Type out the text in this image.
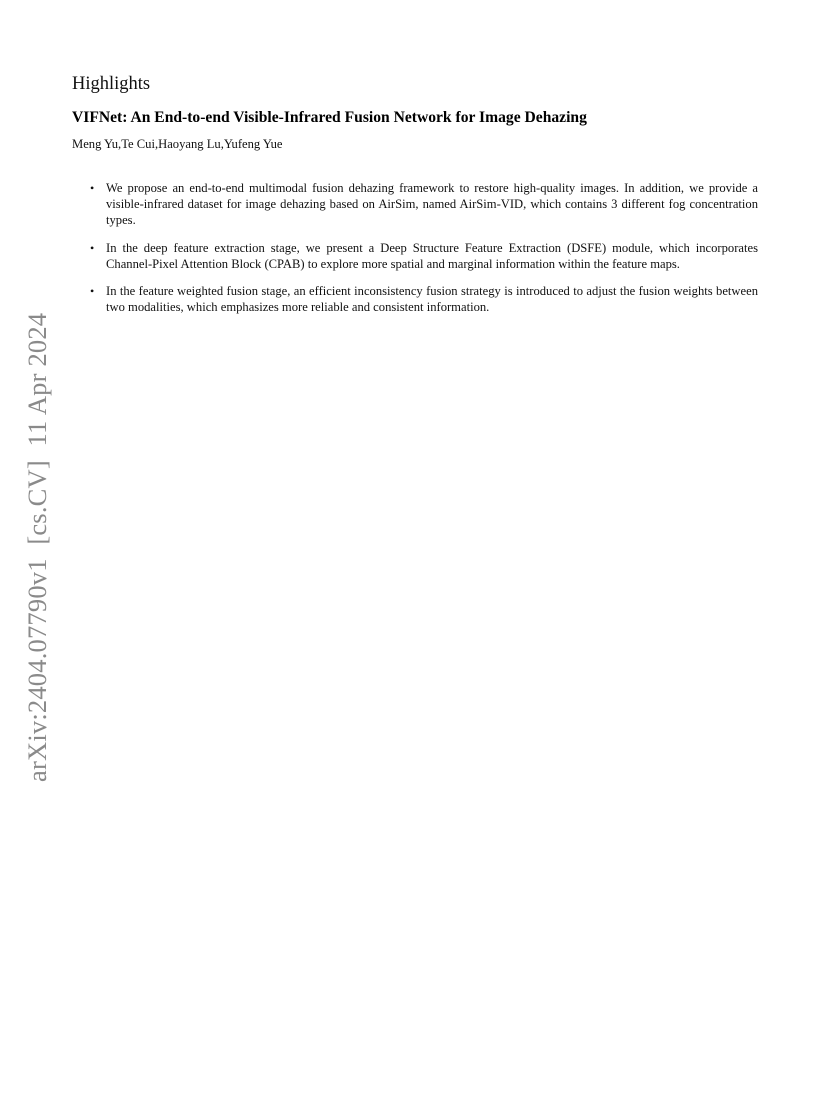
Highlights
VIFNet: An End-to-end Visible-Infrared Fusion Network for Image Dehazing
Meng Yu,Te Cui,Haoyang Lu,Yufeng Yue
• We propose an end-to-end multimodal fusion dehazing framework to restore high-quality images. In addition, we provide a visible-infrared dataset for image dehazing based on AirSim, named AirSim-VID, which contains 3 different fog concentration types.
• In the deep feature extraction stage, we present a Deep Structure Feature Extraction (DSFE) module, which incorporates Channel-Pixel Attention Block (CPAB) to explore more spatial and marginal information within the feature maps.
• In the feature weighted fusion stage, an efficient inconsistency fusion strategy is introduced to adjust the fusion weights between two modalities, which emphasizes more reliable and consistent information.
arXiv:2404.07790v1  [cs.CV]  11 Apr 2024
